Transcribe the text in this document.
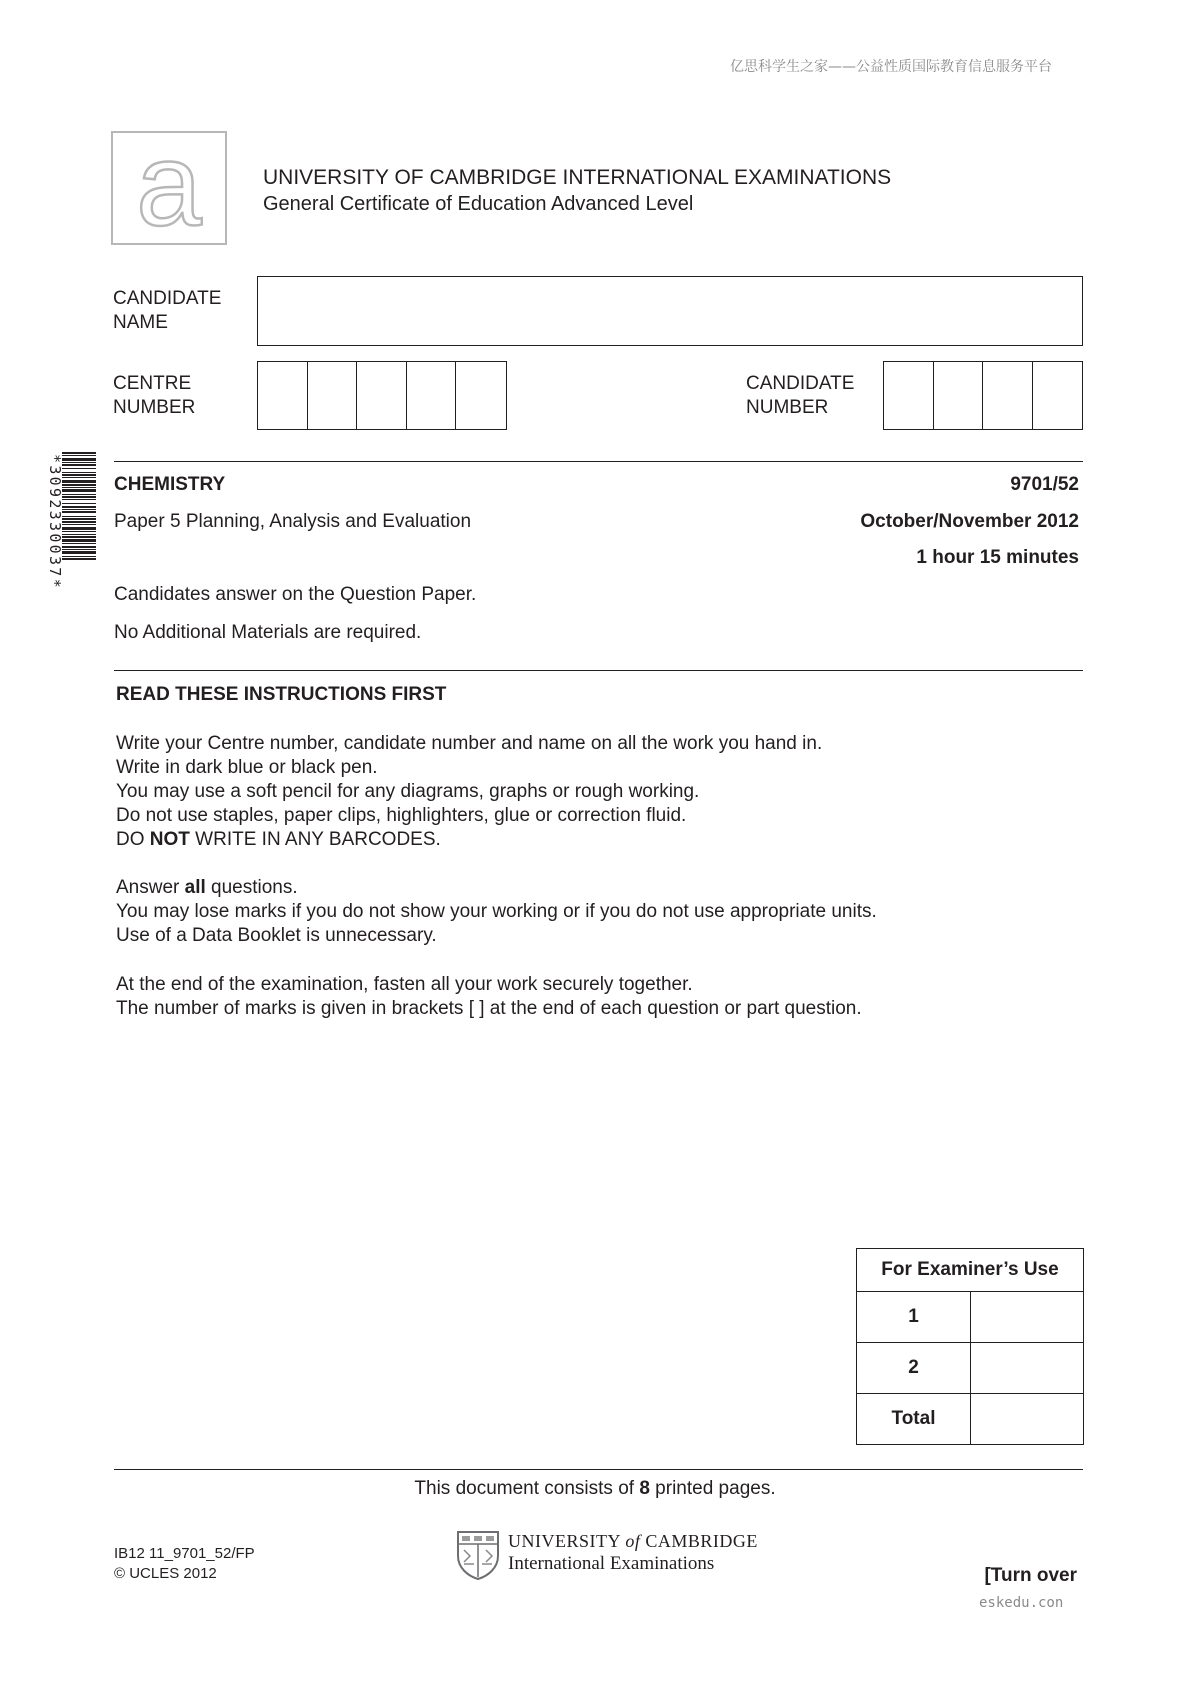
亿思科学生之家——公益性质国际教育信息服务平台
a	UNIVERSITY OF CAMBRIDGE INTERNATIONAL EXAMINATIONS
General Certificate of Education Advanced Level
CANDIDATE
NAME
CENTRE
NUMBER
CANDIDATE
NUMBER
*3092330037*	CHEMISTRY	9701/52
Paper 5 Planning, Analysis and Evaluation	October/November 2012
1 hour 15 minutes
Candidates answer on the Question Paper.
No Additional Materials are required.
READ THESE INSTRUCTIONS FIRST
Write your Centre number, candidate number and name on all the work you hand in.
Write in dark blue or black pen.
You may use a soft pencil for any diagrams, graphs or rough working.
Do not use staples, paper clips, highlighters, glue or correction fluid.
DO NOT WRITE IN ANY BARCODES.
Answer all questions.
You may lose marks if you do not show your working or if you do not use appropriate units.
Use of a Data Booklet is unnecessary.
At the end of the examination, fasten all your work securely together.
The number of marks is given in brackets [ ] at the end of each question or part question.
For Examiner’s Use	
1	
2	
Total	
This document consists of 8 printed pages.
IB12 11_9701_52/FP
© UCLES 2012
UNIVERSITY of CAMBRIDGE
International Examinations
[Turn over
eskedu.con
